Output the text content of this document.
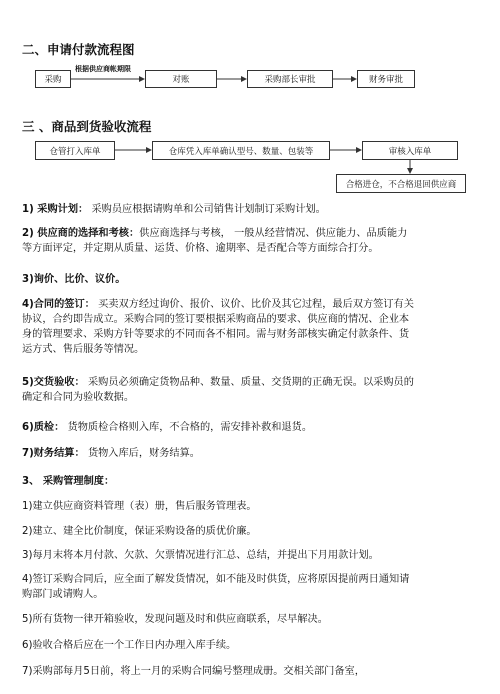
二、申请付款流程图
采购
根据供应商帐期限
对账	采购部长审批	财务审批
三 、商品到货验收流程
仓管打入库单	仓库凭入库单确认型号、数量、包装等	审核入库单
合格进仓，不合格退回供应商
1) 采购计划： 采购员应根据请购单和公司销售计划制订采购计划。
2) 供应商的选择和考核：供应商选择与考核， 一般从经营情况、供应能力、品质能力
等方面评定，并定期从质量、运货、价格、逾期率、是否配合等方面综合打分。
3)询价、比价、议价。
4)合同的签订： 买卖双方经过询价、报价、议价、比价及其它过程，最后双方签订有关
协议，合约即告成立。采购合同的签订要根据采购商品的要求、供应商的情况、企业本
身的管理要求、采购方针等要求的不同而各不相同。需与财务部核实确定付款条件、货
运方式、售后服务等情况。
5)交货验收： 采购员必须确定货物品种、数量、质量、交货期的正确无误。以采购员的
确定和合同为验收数据。
6)质检： 货物质检合格则入库，不合格的，需安排补救和退货。
7)财务结算： 货物入库后，财务结算。
3、 采购管理制度：
1)建立供应商资料管理（表）册，售后服务管理表。
2)建立、建全比价制度，保证采购设备的质优价廉。
3)每月末将本月付款、欠款、欠票情况进行汇总、总结，并提出下月用款计划。
4)签订采购合同后，应全面了解发货情况，如不能及时供货，应将原因提前两日通知请
购部门或请购人。
5)所有货物一律开箱验收，发现问题及时和供应商联系，尽早解决。
6)验收合格后应在一个工作日内办理入库手续。
7)采购部每月5日前，将上一月的采购合同编号整理成册。交相关部门备室，
